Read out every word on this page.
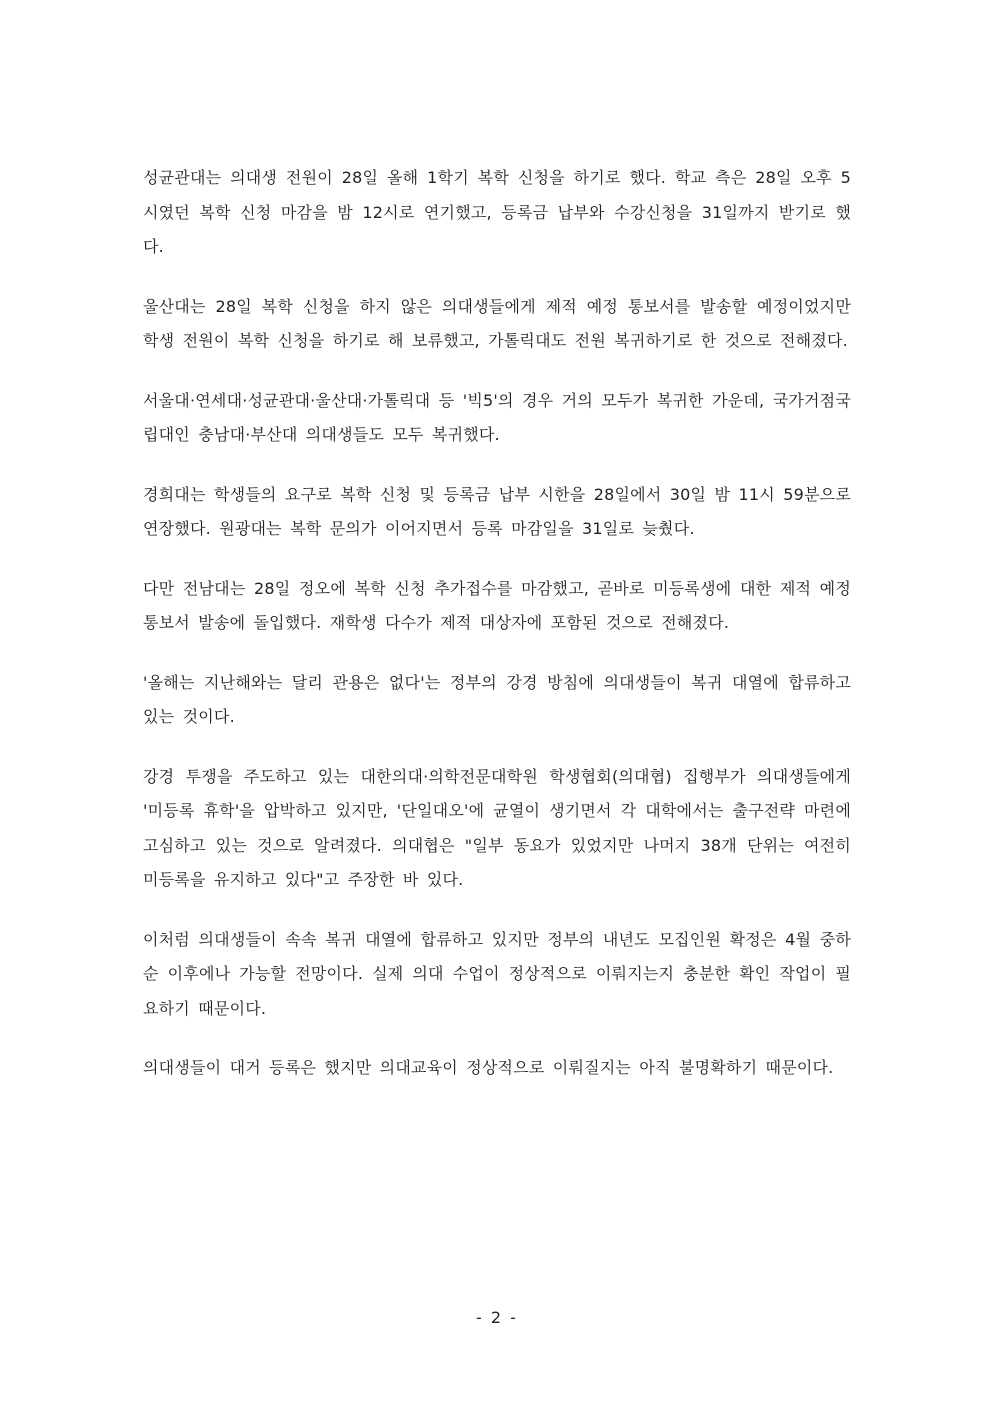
성균관대는 의대생 전원이 28일 올해 1학기 복학 신청을 하기로 했다. 학교 측은 28일 오후 5시였던 복학 신청 마감을 밤 12시로 연기했고, 등록금 납부와 수강신청을 31일까지 받기로 했다.

울산대는 28일 복학 신청을 하지 않은 의대생들에게 제적 예정 통보서를 발송할 예정이었지만 학생 전원이 복학 신청을 하기로 해 보류했고, 가톨릭대도 전원 복귀하기로 한 것으로 전해졌다.

서울대·연세대·성균관대·울산대·가톨릭대 등 '빅5'의 경우 거의 모두가 복귀한 가운데, 국가거점국립대인 충남대·부산대 의대생들도 모두 복귀했다.

경희대는 학생들의 요구로 복학 신청 및 등록금 납부 시한을 28일에서 30일 밤 11시 59분으로 연장했다. 원광대는 복학 문의가 이어지면서 등록 마감일을 31일로 늦췄다.

다만 전남대는 28일 정오에 복학 신청 추가접수를 마감했고, 곧바로 미등록생에 대한 제적 예정 통보서 발송에 돌입했다. 재학생 다수가 제적 대상자에 포함된 것으로 전해졌다.

'올해는 지난해와는 달리 관용은 없다'는 정부의 강경 방침에 의대생들이 복귀 대열에 합류하고 있는 것이다.

강경 투쟁을 주도하고 있는 대한의대·의학전문대학원 학생협회(의대협) 집행부가 의대생들에게 '미등록 휴학'을 압박하고 있지만, '단일대오'에 균열이 생기면서 각 대학에서는 출구전략 마련에 고심하고 있는 것으로 알려졌다. 의대협은 "일부 동요가 있었지만 나머지 38개 단위는 여전히 미등록을 유지하고 있다"고 주장한 바 있다.

이처럼 의대생들이 속속 복귀 대열에 합류하고 있지만 정부의 내년도 모집인원 확정은 4월 중하순 이후에나 가능할 전망이다. 실제 의대 수업이 정상적으로 이뤄지는지 충분한 확인 작업이 필요하기 때문이다.

의대생들이 대거 등록은 했지만 의대교육이 정상적으로 이뤄질지는 아직 불명확하기 때문이다.

- 2 -
